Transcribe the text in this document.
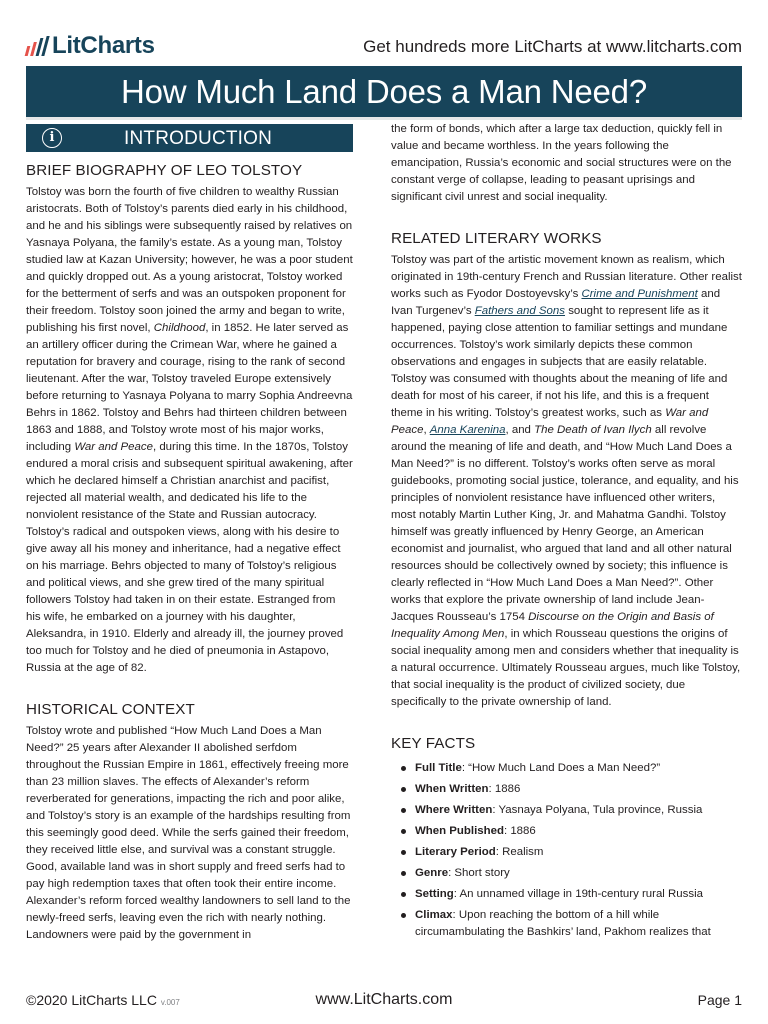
LitCharts	Get hundreds more LitCharts at www.litcharts.com
How Much Land Does a Man Need?
i	INTRODUCTION
BRIEF BIOGRAPHY OF LEO TOLSTOY

Tolstoy was born the fourth of five children to wealthy Russian aristocrats. Both of Tolstoy’s parents died early in his childhood, and he and his siblings were subsequently raised by relatives on Yasnaya Polyana, the family’s estate. As a young man, Tolstoy studied law at Kazan University; however, he was a poor student and quickly dropped out. As a young aristocrat, Tolstoy worked for the betterment of serfs and was an outspoken proponent for their freedom. Tolstoy soon joined the army and began to write, publishing his first novel, Childhood, in 1852. He later served as an artillery officer during the Crimean War, where he gained a reputation for bravery and courage, rising to the rank of second lieutenant. After the war, Tolstoy traveled Europe extensively before returning to Yasnaya Polyana to marry Sophia Andreevna Behrs in 1862. Tolstoy and Behrs had thirteen children between 1863 and 1888, and Tolstoy wrote most of his major works, including War and Peace, during this time. In the 1870s, Tolstoy endured a moral crisis and subsequent spiritual awakening, after which he declared himself a Christian anarchist and pacifist, rejected all material wealth, and dedicated his life to the nonviolent resistance of the State and Russian autocracy. Tolstoy’s radical and outspoken views, along with his desire to give away all his money and inheritance, had a negative effect on his marriage. Behrs objected to many of Tolstoy’s religious and political views, and she grew tired of the many spiritual followers Tolstoy had taken in on their estate. Estranged from his wife, he embarked on a journey with his daughter, Aleksandra, in 1910. Elderly and already ill, the journey proved too much for Tolstoy and he died of pneumonia in Astapovo, Russia at the age of 82.

HISTORICAL CONTEXT

Tolstoy wrote and published “How Much Land Does a Man Need?” 25 years after Alexander II abolished serfdom throughout the Russian Empire in 1861, effectively freeing more than 23 million slaves. The effects of Alexander’s reform reverberated for generations, impacting the rich and poor alike, and Tolstoy’s story is an example of the hardships resulting from this seemingly good deed. While the serfs gained their freedom, they received little else, and survival was a constant struggle. Good, available land was in short supply and freed serfs had to pay high redemption taxes that often took their entire income. Alexander’s reform forced wealthy landowners to sell land to the newly-freed serfs, leaving even the rich with nearly nothing. Landowners were paid by the government in

the form of bonds, which after a large tax deduction, quickly fell in value and became worthless. In the years following the emancipation, Russia’s economic and social structures were on the constant verge of collapse, leading to peasant uprisings and significant civil unrest and social inequality.

RELATED LITERARY WORKS

Tolstoy was part of the artistic movement known as realism, which originated in 19th-century French and Russian literature. Other realist works such as Fyodor Dostoyevsky’s Crime and Punishment and Ivan Turgenev’s Fathers and Sons sought to represent life as it happened, paying close attention to familiar settings and mundane occurrences. Tolstoy’s work similarly depicts these common observations and engages in subjects that are easily relatable. Tolstoy was consumed with thoughts about the meaning of life and death for most of his career, if not his life, and this is a frequent theme in his writing. Tolstoy’s greatest works, such as War and Peace, Anna Karenina, and The Death of Ivan Ilych all revolve around the meaning of life and death, and “How Much Land Does a Man Need?” is no different. Tolstoy’s works often serve as moral guidebooks, promoting social justice, tolerance, and equality, and his principles of nonviolent resistance have influenced other writers, most notably Martin Luther King, Jr. and Mahatma Gandhi. Tolstoy himself was greatly influenced by Henry George, an American economist and journalist, who argued that land and all other natural resources should be collectively owned by society; this influence is clearly reflected in “How Much Land Does a Man Need?”. Other works that explore the private ownership of land include Jean-Jacques Rousseau’s 1754 Discourse on the Origin and Basis of Inequality Among Men, in which Rousseau questions the origins of social inequality among men and considers whether that inequality is a natural occurrence. Ultimately Rousseau argues, much like Tolstoy, that social inequality is the product of civilized society, due specifically to the private ownership of land.

KEY FACTS
Full Title: “How Much Land Does a Man Need?”
When Written: 1886
Where Written: Yasnaya Polyana, Tula province, Russia
When Published: 1886
Literary Period: Realism
Genre: Short story
Setting: An unnamed village in 19th-century rural Russia
Climax: Upon reaching the bottom of a hill while circumambulating the Bashkirs’ land, Pakhom realizes that
©2020 LitCharts LLC v.007	www.LitCharts.com	Page 1
